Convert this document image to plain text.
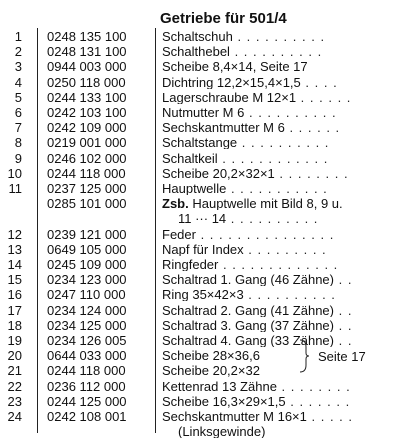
Getriebe für 501/4
1 0248 135 100	Schaltschuh . . . . . . . . . .
2 0248 131 100	Schalthebel . . . . . . . . . .
3 0944 003 000	Scheibe 8,4×14, Seite 17
4 0250 118 000	Dichtring 12,2×15,4×1,5 . . . .
5 0244 133 100	Lagerschraube M 12×1 . . . . . .
6 0242 103 100	Nutmutter M 6 . . . . . . . . . .
7 0242 109 000	Sechskantmutter M 6 . . . . . .
8 0219 001 000	Schaltstange . . . . . . . . . .
9 0246 102 000	Schaltkeil . . . . . . . . . . . .
10 0244 118 000	Scheibe 20,2×32×1 . . . . . . . .
11 0237 125 000	Hauptwelle . . . . . . . . . . .
0285 101 000	Zsb. Hauptwelle mit Bild 8, 9 u.
11 ··· 14 . . . . . . . . . .
12 0239 121 000	Feder . . . . . . . . . . . . . . .
13 0649 105 000	Napf für Index . . . . . . . . .
14 0245 109 000	Ringfeder . . . . . . . . . . . . .
15 0234 123 000	Schaltrad 1. Gang (46 Zähne) . .
16 0247 110 000	Ring 35×42×3 . . . . . . . . . .
17 0234 124 000	Schaltrad 2. Gang (41 Zähne) . .
18 0234 125 000	Schaltrad 3. Gang (37 Zähne) . .
19 0234 126 005	Schaltrad 4. Gang (33 Zähne) . .
20 0644 033 000	Scheibe 28×36,6
21 0244 118 000	Scheibe 20,2×32
22 0236 112 000	Kettenrad 13 Zähne . . . . . . . .
23 0244 125 000	Scheibe 16,3×29×1,5 . . . . . . .
24 0242 108 001	Sechskantmutter M 16×1 . . . . .
(Linksgewinde)
Seite 17
